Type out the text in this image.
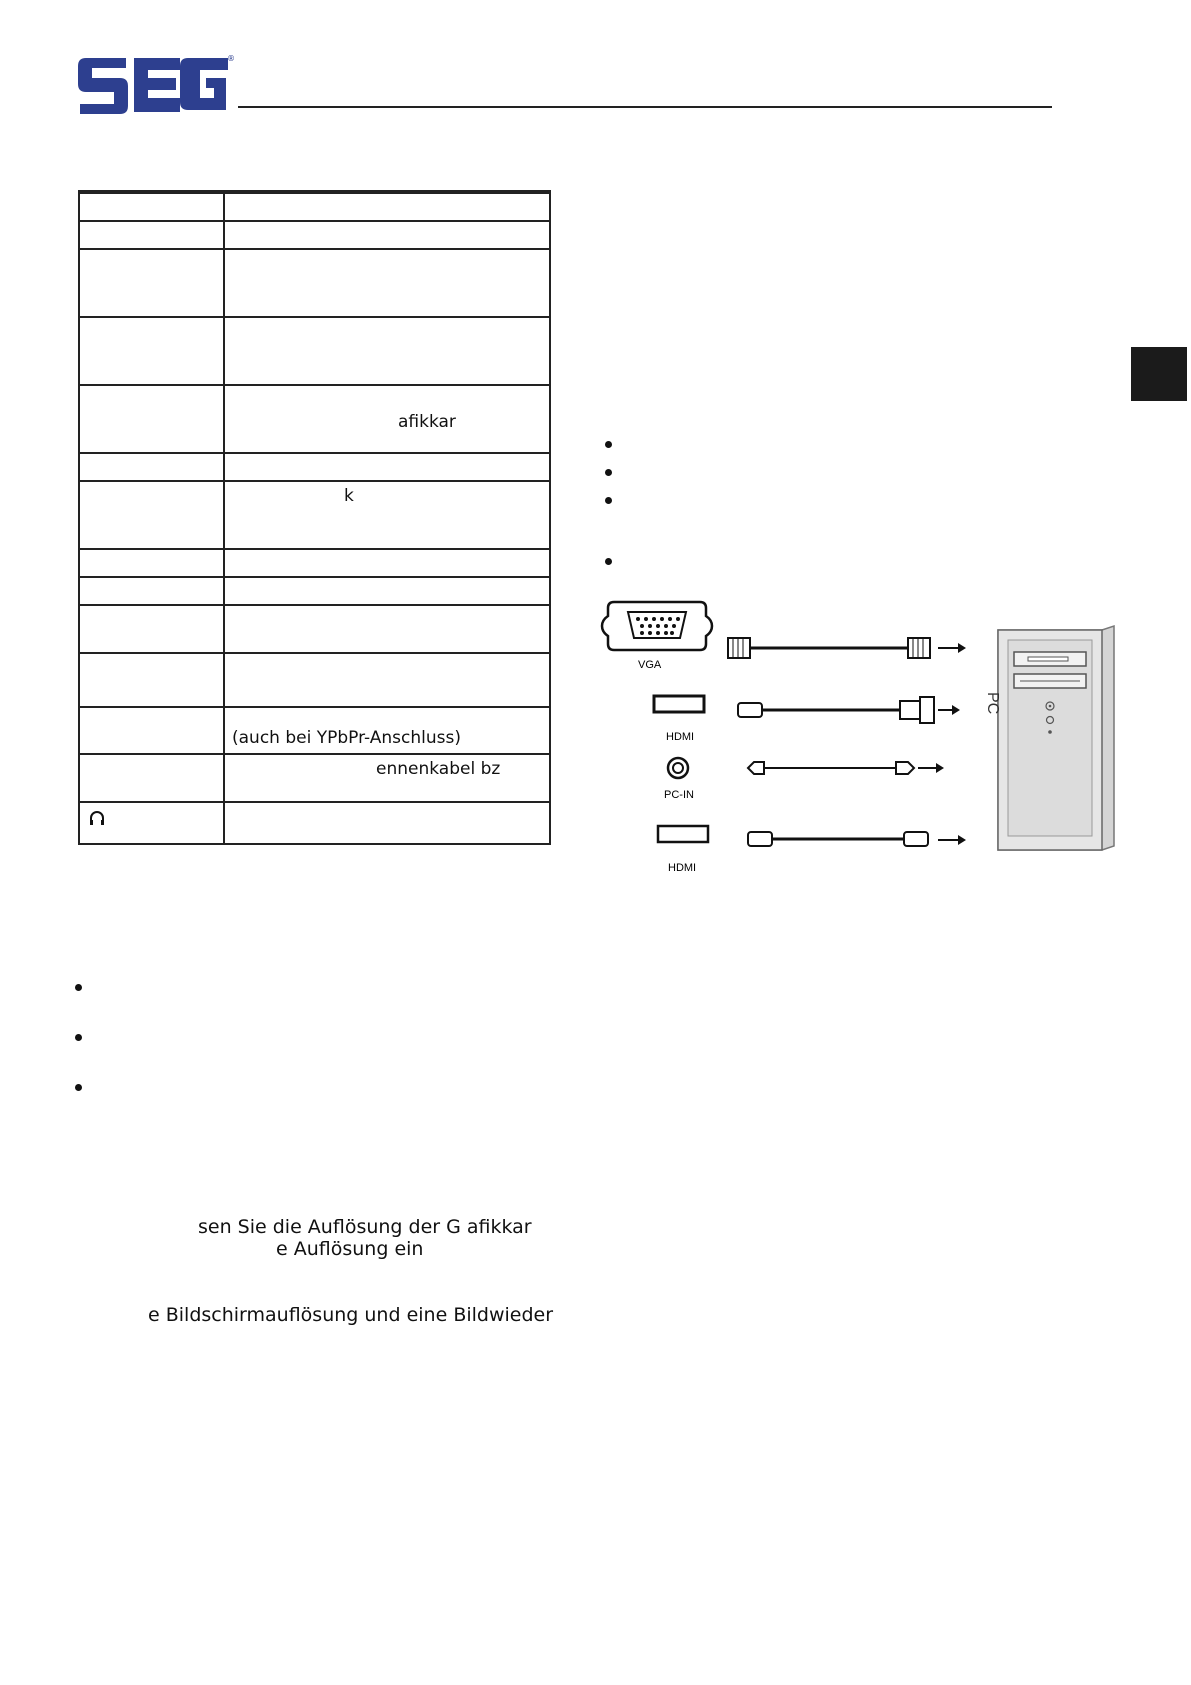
®
afikkar
k
(auch bei YPbPr-Anschluss)
ennenkabel bz
VGA
HDMI
PC-IN
HDMI
PC
sen Sie die Auflösung der G afikkar
e Auflösung ein
e Bildschirmauflösung und eine Bildwieder
